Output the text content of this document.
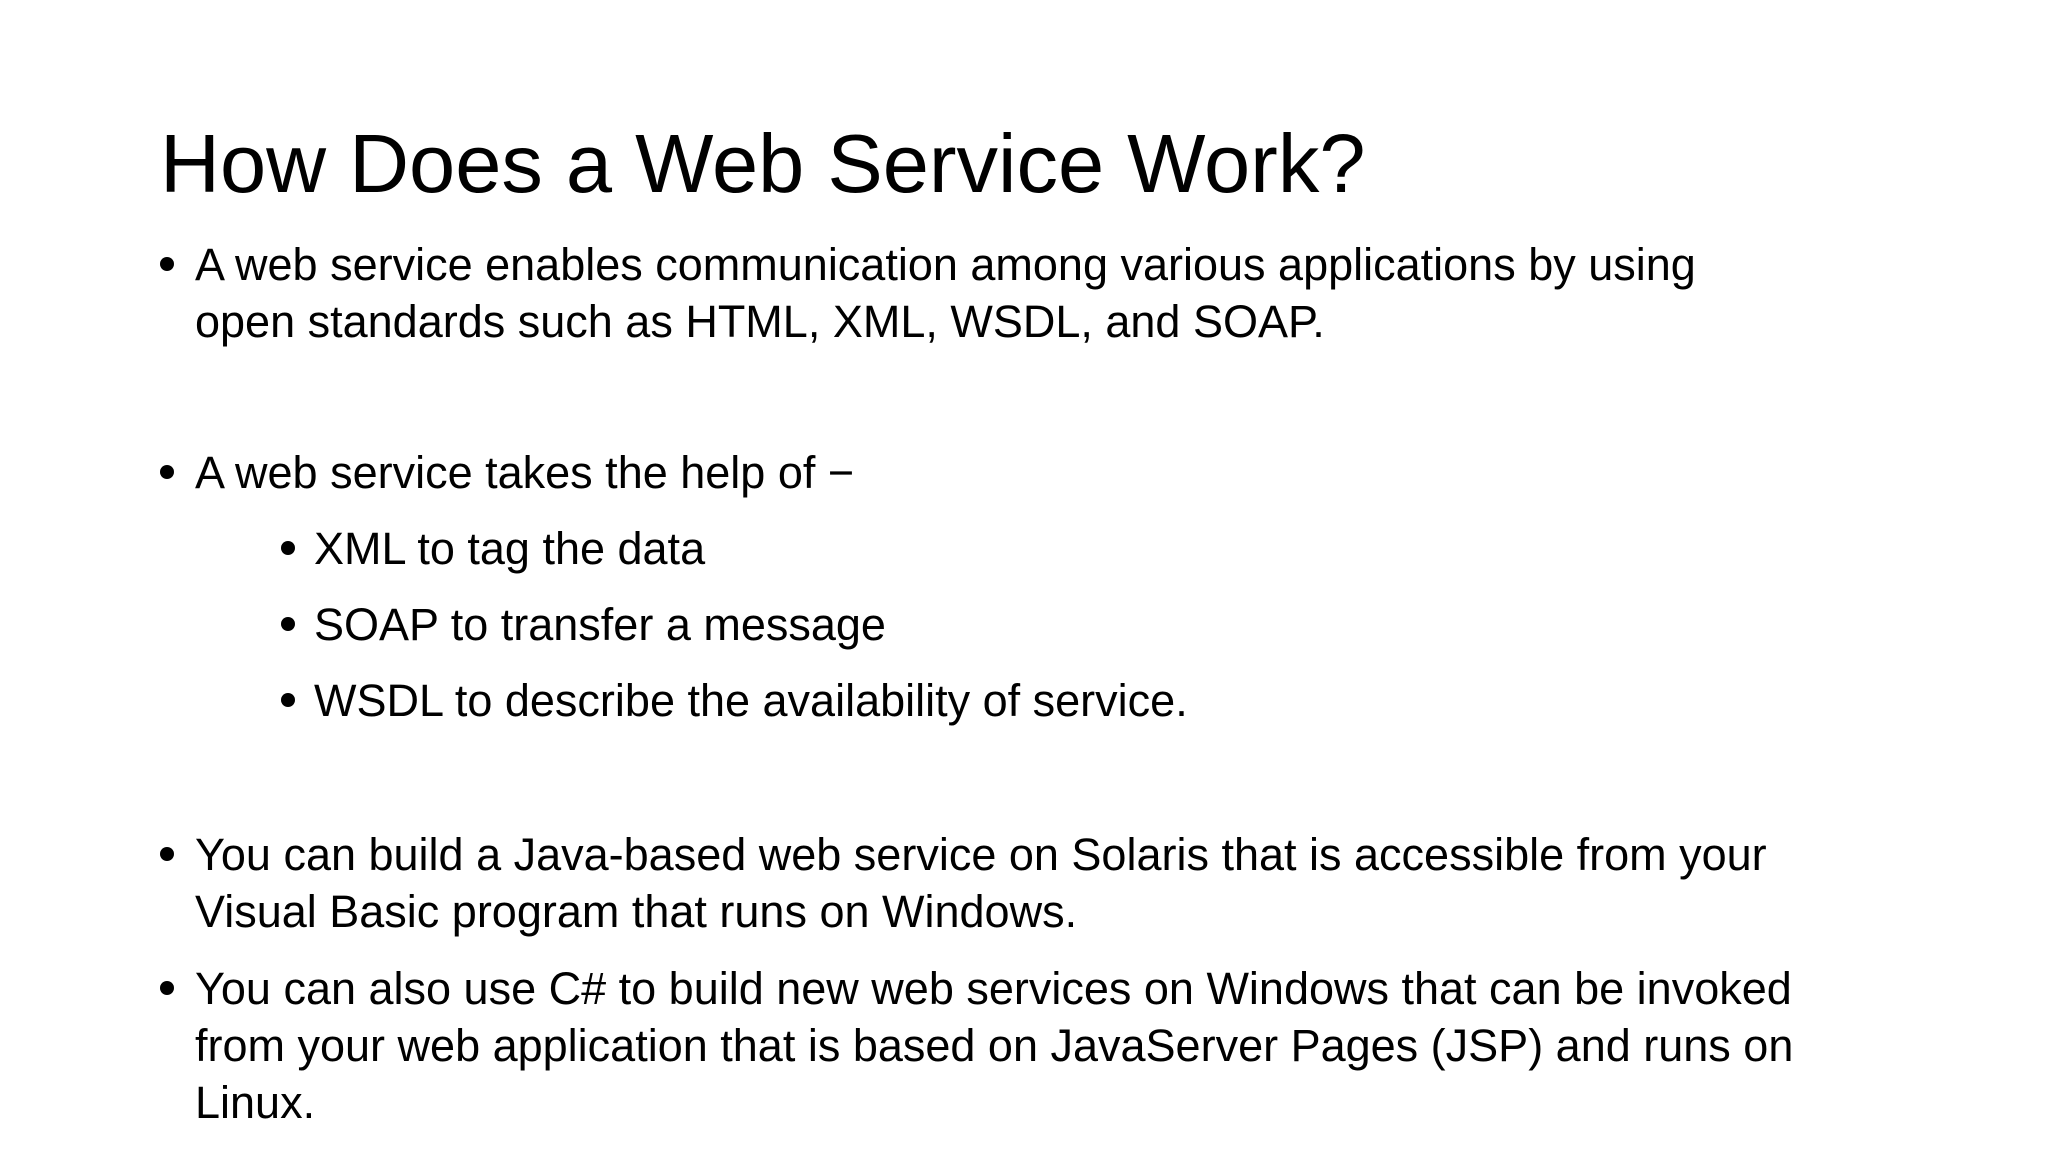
How Does a Web Service Work?
A web service enables communication among various applications by using
open standards such as HTML, XML, WSDL, and SOAP.
A web service takes the help of −
XML to tag the data
SOAP to transfer a message
WSDL to describe the availability of service.
You can build a Java-based web service on Solaris that is accessible from your
Visual Basic program that runs on Windows.
You can also use C# to build new web services on Windows that can be invoked
from your web application that is based on JavaServer Pages (JSP) and runs on
Linux.
